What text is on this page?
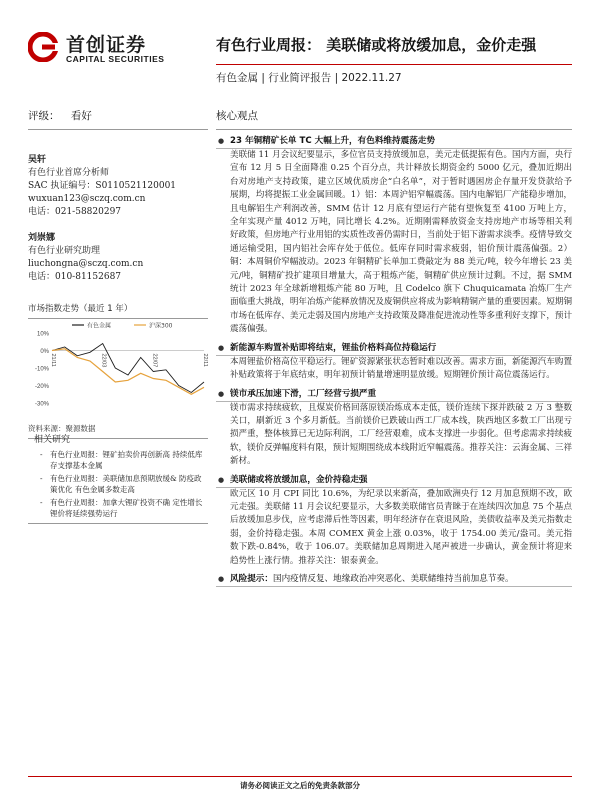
首创证券
CAPITAL SECURITIES
有色行业周报： 美联储或将放缓加息，金价走强
有色金属 | 行业简评报告 | 2022.11.27
评级： 看好
吴轩
有色行业首席分析师
SAC 执证编号：S0110521120001
wuxuan123@sczq.com.cn
电话：021-58820297
刘崇娜
有色行业研究助理
liuchongna@sczq.com.cn
电话：010-81152687
市场指数走势（最近 1 年）
10%
0%
-10%
-20%
-30%
21/11	22/03	22/07	22/11
有色金属	沪深300
资料来源：聚源数据
相关研究
- 有色行业周报：锂矿拍卖价再创新高 持续低库存支撑基本金属
- 有色行业周报：美联储加息预期放缓& 防疫政策优化 有色金属多数走高
- 有色行业周报：加拿大锂矿投资不确 定性增长 锂价将延续强势运行
核心观点
● 23 年铜精矿长单 TC 大幅上升，有色料维持震荡走势
美联储 11 月会议纪要显示，多位官员支持放缓加息，美元走低提振有色。国内方面，央行宣布 12 月 5 日全面降准 0.25 个百分点，共计释放长期资金约 5000 亿元，叠加近期出台对房地产支持政策，建立区域优质房企“白名单”，对于暂时遇困房企存量开发贷款给予展期，均将提振工业金属回暖。1）铝：本周沪铝窄幅震荡。国内电解铝厂产能稳步增加，且电解铝生产利润改善，SMM 估计 12 月底有望运行产能有望恢复至 4100 万吨上方，全年实现产量 4012 万吨，同比增长 4.2%。近期刚需释放资金支持房地产市场等相关利好政策，但房地产行业用铝的实质性改善仍需时日，当前处于铝下游需求淡季。疫情导致交通运输受阻，国内铝社会库存处于低位。低库存同时需求疲弱，铝价预计震荡偏强。2）铜：本周铜价窄幅波动。2023 年铜精矿长单加工费敲定为 88 美元/吨，较今年增长 23 美元/吨，铜精矿投扩建项目增量大，高于粗炼产能，铜精矿供应预计过剩。不过，据 SMM 统计 2023 年全球新增粗炼产能 80 万吨，且 Codelco 旗下 Chuquicamata 冶炼厂生产面临重大挑战，明年冶炼产能释放情况及废铜供应将成为影响精铜产量的重要因素。短期铜市场在低库存、美元走弱及国内房地产支持政策及降准促进流动性等多重利好支撑下，预计震荡偏强。
● 新能源车购置补贴即将结束，锂盐价格料高位持稳运行
本周锂盐价格高位平稳运行。锂矿资源紧张状态暂时难以改善。需求方面，新能源汽车购置补贴政策将于年底结束，明年初预计销量增速明显放缓。短期锂价预计高位震荡运行。
● 镁市承压加速下滑，工厂经营亏损严重
镁市需求持续疲软，且煤炭价格回落原镁冶炼成本走低，镁价连续下探并跌破 2 万 3 整数关口，刷新近 3 个多月新低。当前镁价已跌破山西工厂成本线，陕西地区多数工厂出现亏损严重，整体核算已无边际利润，工厂经营艰难，成本支撑进一步弱化。但考虑需求持续疲软，镁价反弹幅度料有限，预计短期围绕成本线附近窄幅震荡。推荐关注：云海金属、三祥新材。
● 美联储或将放缓加息，金价持稳走强
欧元区 10 月 CPI 同比 10.6%，为纪录以来新高，叠加欧洲央行 12 月加息预期不改，欧元走强。美联储 11 月会议纪要显示，大多数美联储官员青睐于在连续四次加息 75 个基点后放缓加息步伐，应考虑滞后性等因素，明年经济存在衰退风险，美债收益率及美元指数走弱，金价持稳走强。本周 COMEX 黄金上涨 0.03%，收于 1754.00 美元/盎司。美元指数下跌-0.84%，收于 106.07。美联储加息周期进入尾声被进一步确认，黄金预计将迎来趋势性上涨行情。推荐关注：银泰黄金。
● 风险提示：国内疫情反复、地缘政治冲突恶化、美联储维持当前加息节奏。
请务必阅读正文之后的免责条款部分
